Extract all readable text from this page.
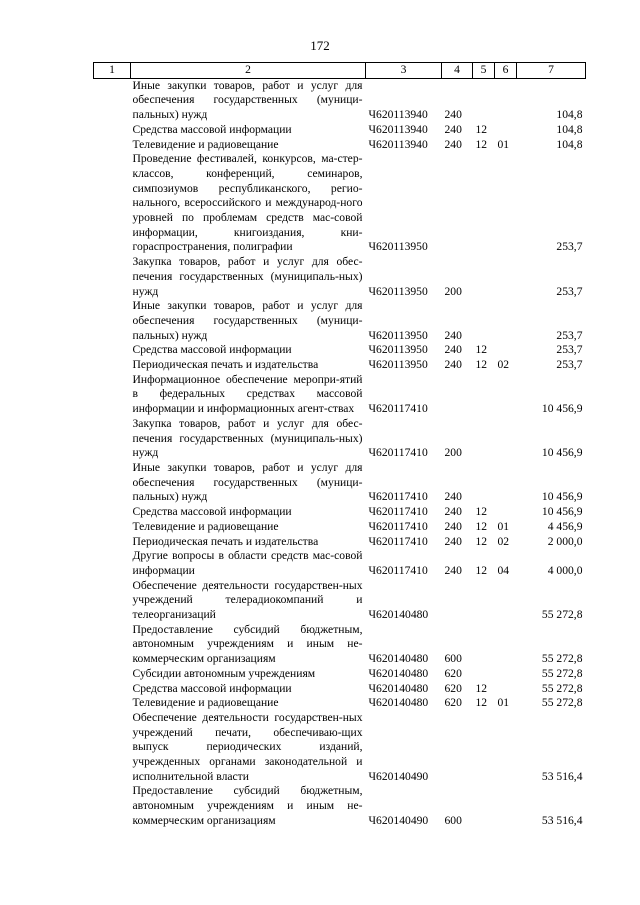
172
1	2	3	4	5	6	7
	Иные закупки товаров, работ и услуг для обеспечения государственных (муници-пальных) нужд	Ч620113940	240			104,8
	Средства массовой информации	Ч620113940	240	12		104,8
	Телевидение и радиовещание	Ч620113940	240	12	01	104,8
	Проведение фестивалей, конкурсов, ма-стер-классов, конференций, семинаров, симпозиумов республиканского, регио-нального, всероссийского и международ-ного уровней по проблемам средств мас-совой информации, книгоиздания, кни-гораспространения, полиграфии	Ч620113950				253,7
	Закупка товаров, работ и услуг для обес-печения государственных (муниципаль-ных) нужд	Ч620113950	200			253,7
	Иные закупки товаров, работ и услуг для обеспечения государственных (муници-пальных) нужд	Ч620113950	240			253,7
	Средства массовой информации	Ч620113950	240	12		253,7
	Периодическая печать и издательства	Ч620113950	240	12	02	253,7
	Информационное обеспечение меропри-ятий в федеральных средствах массовой информации и информационных агент-ствах	Ч620117410				10 456,9
	Закупка товаров, работ и услуг для обес-печения государственных (муниципаль-ных) нужд	Ч620117410	200			10 456,9
	Иные закупки товаров, работ и услуг для обеспечения государственных (муници-пальных) нужд	Ч620117410	240			10 456,9
	Средства массовой информации	Ч620117410	240	12		10 456,9
	Телевидение и радиовещание	Ч620117410	240	12	01	4 456,9
	Периодическая печать и издательства	Ч620117410	240	12	02	2 000,0
	Другие вопросы в области средств мас-совой информации	Ч620117410	240	12	04	4 000,0
	Обеспечение деятельности государствен-ных учреждений телерадиокомпаний и телеорганизаций	Ч620140480				55 272,8
	Предоставление субсидий бюджетным, автономным учреждениям и иным не-коммерческим организациям	Ч620140480	600			55 272,8
	Субсидии автономным учреждениям	Ч620140480	620			55 272,8
	Средства массовой информации	Ч620140480	620	12		55 272,8
	Телевидение и радиовещание	Ч620140480	620	12	01	55 272,8
	Обеспечение деятельности государствен-ных учреждений печати, обеспечиваю-щих выпуск периодических изданий, учрежденных органами законодательной и исполнительной власти	Ч620140490				53 516,4
	Предоставление субсидий бюджетным, автономным учреждениям и иным не-коммерческим организациям	Ч620140490	600			53 516,4
